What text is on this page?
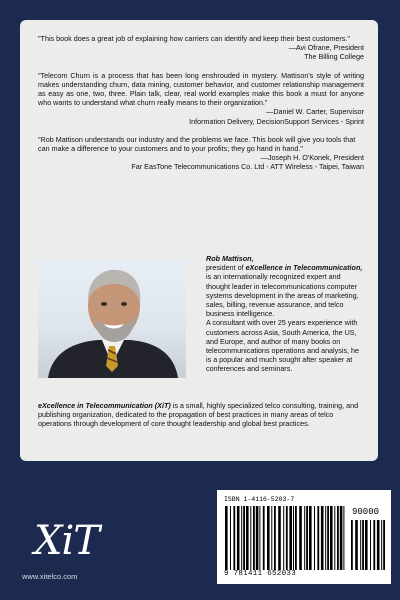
"This book does a great job of explaining how carriers can identify and keep their best customers."

—Avi Ofrane, President
The Billing College

"Telecom Churn is a process that has been long enshrouded in mystery. Mattison's style of writing makes understanding churn, data mining, customer behavior, and customer relationship management as easy as one, two, three. Plain talk, clear, real world examples make this book a must for anyone who wants to understand what churn really means to their organization."

—Daniel W. Carter, Supervisor
Information Delivery, DecisionSupport Services - Sprint

"Rob Mattison understands our industry and the problems we face. This book will give you tools that can make a difference to your customers and to your profits; they go hand in hand."

—Joseph H. O'Konek, President
Far EasTone Telecommunications Co. Ltd - ATT Wireless - Taipei, Taiwan

Rob Mattison,
president of eXcellence in Telecommunication, is an internationally recognized expert and thought leader in telecommunications computer systems development in the areas of marketing, sales, billing, revenue assurance, and telco business intelligence.

A consultant with over 25 years experience with customers across Asia, South America, the US, and Europe, and author of many books on telecommunications operations and analysis, he is a popular and much sought after speaker at conferences and seminars.

eXcellence in Telecommunication (XiT) is a small, highly specialized telco consulting, training, and publishing organization, dedicated to the propagation of best practices in many areas of telco operations through development of core thought leadership and global best practices.

XiT
www.xitelco.com
ISBN 1-4116-5203-7
90000
9 781411 652033
